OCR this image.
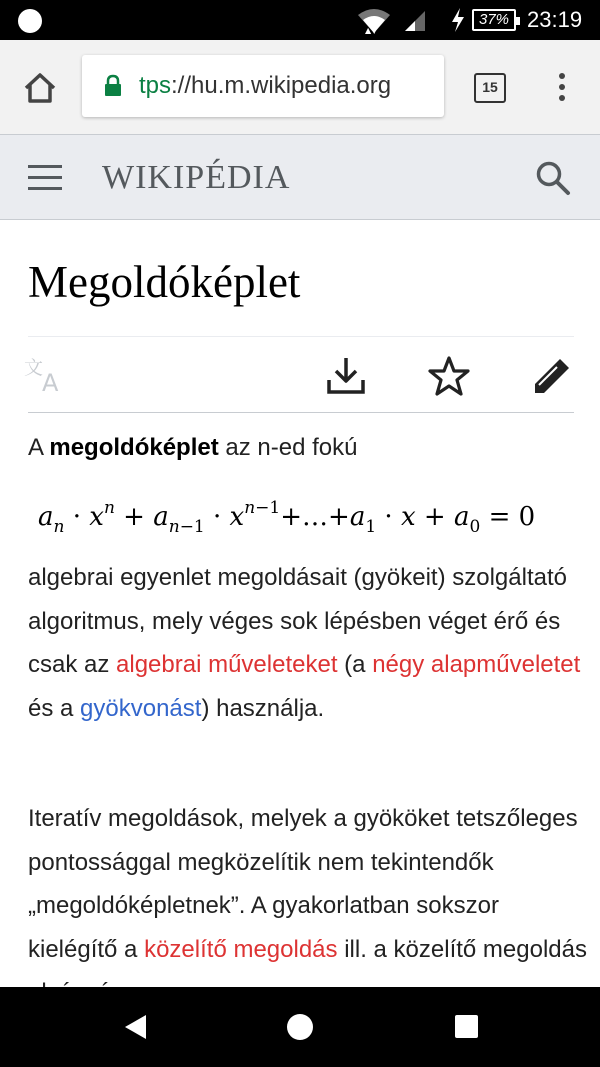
▲▼
37% 23:19
tps://hu.m.wikipedia.org	15
WIKIPÉDIA
Megoldóképlet
文
A

A megoldóképlet az n-ed fokú

$a_n \cdot x^n + a_{n-1}$ · $x^{n-1}+\dots+a_1 \cdot x + a_0 = 0$

algebrai egyenlet megoldásait (gyökeit) szolgáltató algoritmus, mely véges sok lépésben véget érő és csak az algebrai műveleteket (a négy alapműveletet és a gyökvonást) használja.

Iteratív megoldások, melyek a gyököket tetszőleges pontossággal megközelítik nem tekintendők „megoldóképletnek”. A gyakorlatban sokszor kielégítő a közelítő megoldás ill. a közelítő megoldás
